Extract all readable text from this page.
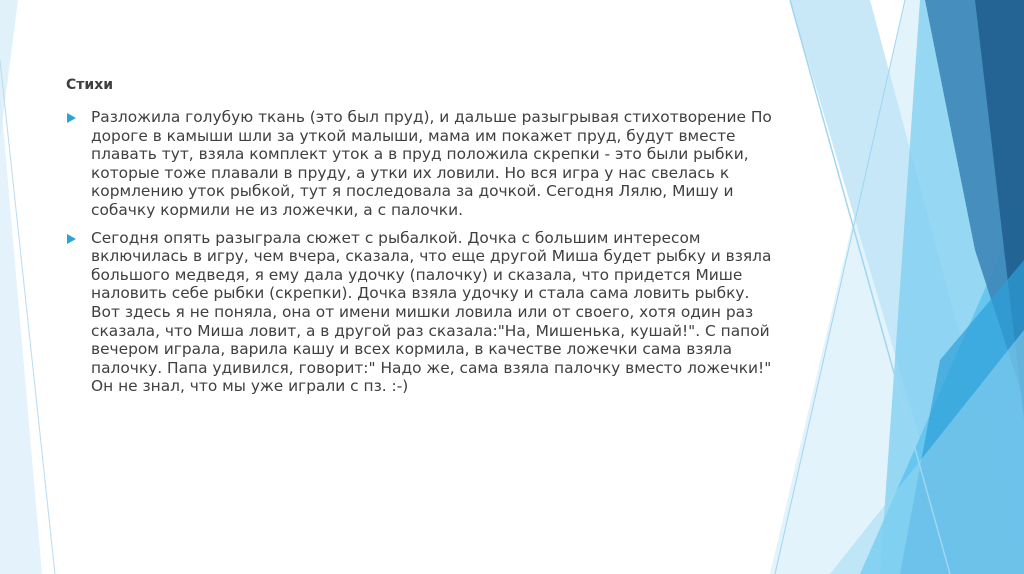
Стихи
Разложила голубую ткань (это был пруд), и дальше разыгрывая стихотворение По дороге в камыши шли за уткой малыши, мама им покажет пруд, будут вместе плавать тут, взяла комплект уток а в пруд положила скрепки - это были рыбки, которые тоже плавали в пруду, а утки их ловили. Но вся игра у нас свелась к кормлению уток рыбкой, тут я последовала за дочкой. Сегодня Лялю, Мишу и собачку кормили не из ложечки, а с палочки.
Сегодня опять разыграла сюжет с рыбалкой. Дочка с большим интересом включилась в игру, чем вчера, сказала, что еще другой Миша будет рыбку и взяла большого медведя, я ему дала удочку (палочку) и сказала, что придется Мише наловить себе рыбки (скрепки). Дочка взяла удочку и стала сама ловить рыбку. Вот здесь я не поняла, она от имени мишки ловила или от своего, хотя один раз сказала, что Миша ловит, а в другой раз сказала:"На, Мишенька, кушай!". С папой вечером играла, варила кашу и всех кормила, в качестве ложечки сама взяла палочку. Папа удивился, говорит:" Надо же, сама взяла палочку вместо ложечки!" Он не знал, что мы уже играли с пз. :-)
